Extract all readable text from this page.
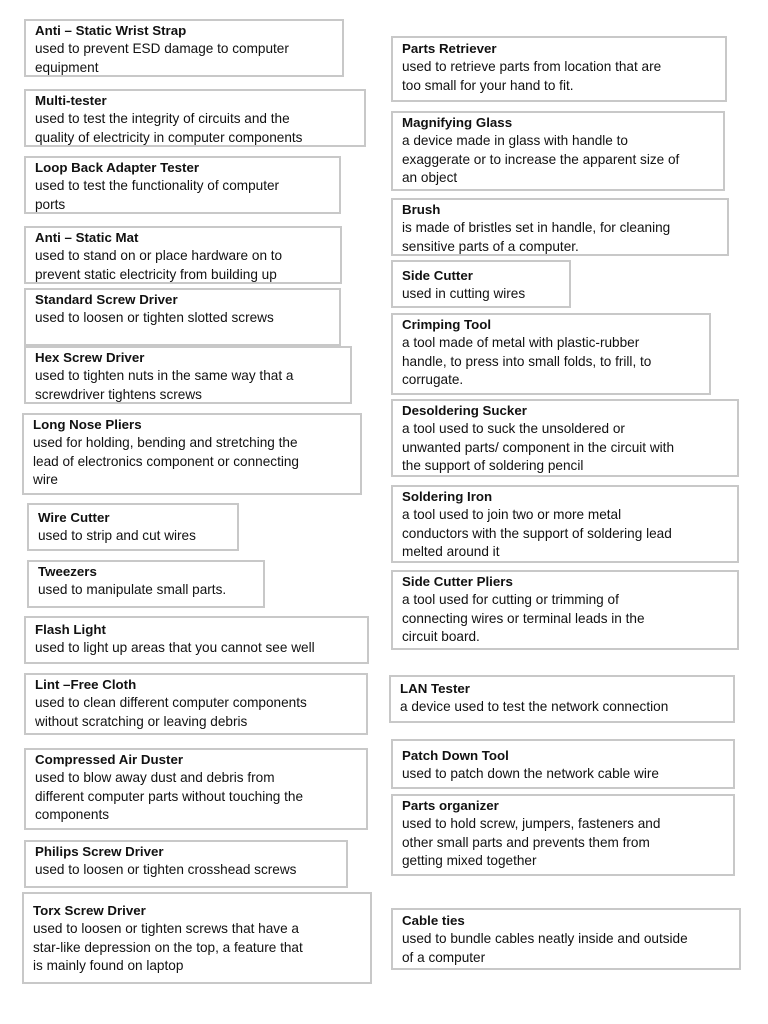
Anti – Static Wrist Strap
used to prevent ESD damage to computer
equipment
Multi-tester
used to test the integrity of circuits and the
quality of electricity in computer components
Loop Back Adapter Tester
used to test the functionality of computer
ports
Anti – Static Mat
used to stand on or place hardware on to
prevent static electricity from building up
Standard Screw Driver
used to loosen or tighten slotted screws
Hex Screw Driver
used to tighten nuts in the same way that a
screwdriver tightens screws
Long Nose Pliers
used for holding, bending and stretching the
lead of electronics component or connecting
wire
Wire Cutter
used to strip and cut wires
Tweezers
used to manipulate small parts.
Flash Light
used to light up areas that you cannot see well
Lint –Free Cloth
used to clean different computer components
without scratching or leaving debris
Compressed Air Duster
used to blow away dust and debris from
different computer parts without touching the
components
Philips Screw Driver
used to loosen or tighten crosshead screws
Torx Screw Driver
used to loosen or tighten screws that have a
star-like depression on the top, a feature that
is mainly found on laptop
Parts Retriever
used to retrieve parts from location that are
too small for your hand to fit.
Magnifying Glass
a device made in glass with handle to
exaggerate or to increase the apparent size of
an object
Brush
is made of bristles set in handle, for cleaning
sensitive parts of a computer.
Side Cutter
used in cutting wires
Crimping Tool
a tool made of metal with plastic-rubber
handle, to press into small folds, to frill, to
corrugate.
Desoldering Sucker
a tool used to suck the unsoldered or
unwanted parts/ component in the circuit with
the support of soldering pencil
Soldering Iron
a tool used to join two or more metal
conductors with the support of soldering lead
melted around it
Side Cutter Pliers
a tool used for cutting or trimming of
connecting wires or terminal leads in the
circuit board.
LAN Tester
a device used to test the network connection
Patch Down Tool
used to patch down the network cable wire
Parts organizer
used to hold screw, jumpers, fasteners and
other small parts and prevents them from
getting mixed together
Cable ties
used to bundle cables neatly inside and outside
of a computer
